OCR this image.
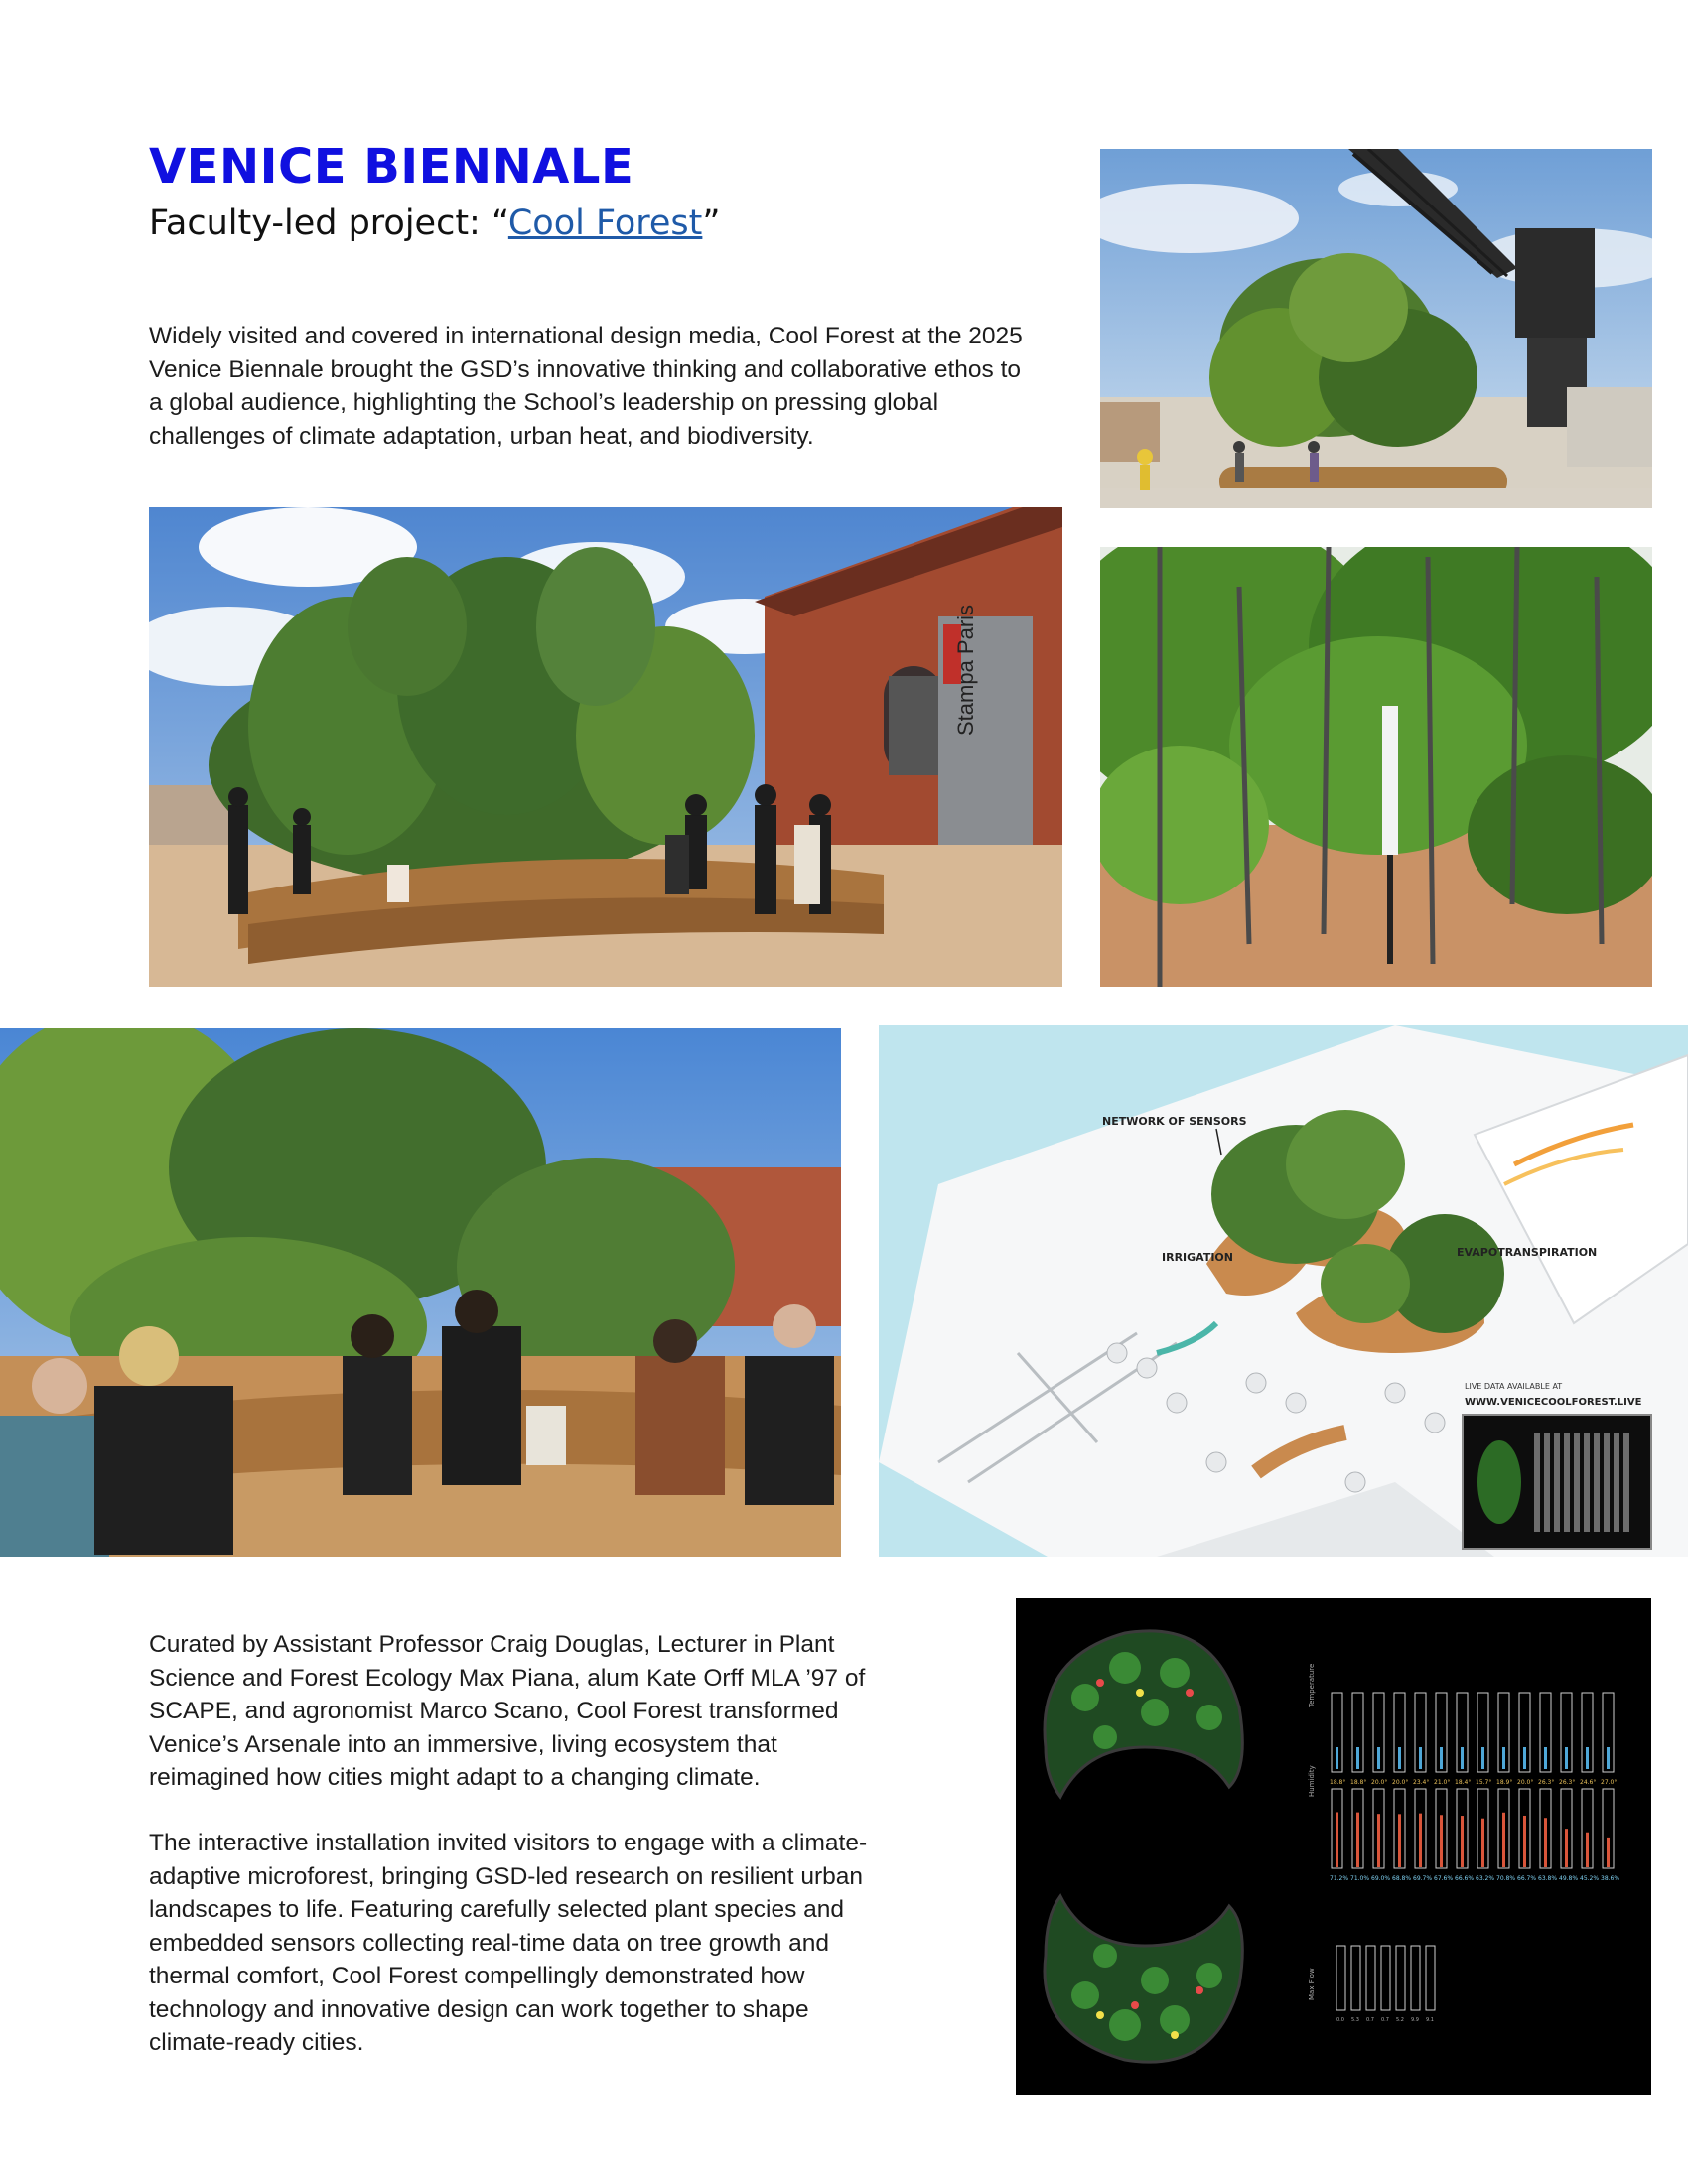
VENICE BIENNALE

Faculty-led project: “Cool Forest”

Widely visited and covered in international design media, Cool Forest at the 2025 Venice Biennale brought the GSD’s innovative thinking and collaborative ethos to a global audience, highlighting the School’s leadership on pressing global challenges of climate adaptation, urban heat, and biodiversity.

Stampa Paris
NETWORK OF SENSORS
EVAPOTRANSPIRATION
IRRIGATION
LIVE DATA AVAILABLE AT
WWW.VENICECOOLFOREST.LIVE

Curated by Assistant Professor Craig Douglas, Lecturer in Plant Science and Forest Ecology Max Piana, alum Kate Orff MLA ’97 of SCAPE, and agronomist Marco Scano, Cool Forest transformed Venice’s Arsenale into an immersive, living ecosystem that reimagined how cities might adapt to a changing climate.

The interactive installation invited visitors to engage with a climate-adaptive microforest, bringing GSD-led research on resilient urban landscapes to life. Featuring carefully selected plant species and embedded sensors collecting real-time data on tree growth and thermal comfort, Cool Forest compellingly demonstrated how technology and innovative design can work together to shape climate-ready cities.

Temperature
Humidity
Max Flow
18.8° 18.8° 20.0° 20.0° 23.4° 21.0° 18.4° 15.7° 18.9° 20.0° 26.3° 26.3° 24.6° 27.0°
71.2% 71.0% 69.0% 68.8% 69.7% 67.6% 66.6% 63.2% 70.8% 66.7% 63.8% 49.8% 45.2% 38.6%
0.0 5.3 0.7 0.7 5.2 9.9 9.1
